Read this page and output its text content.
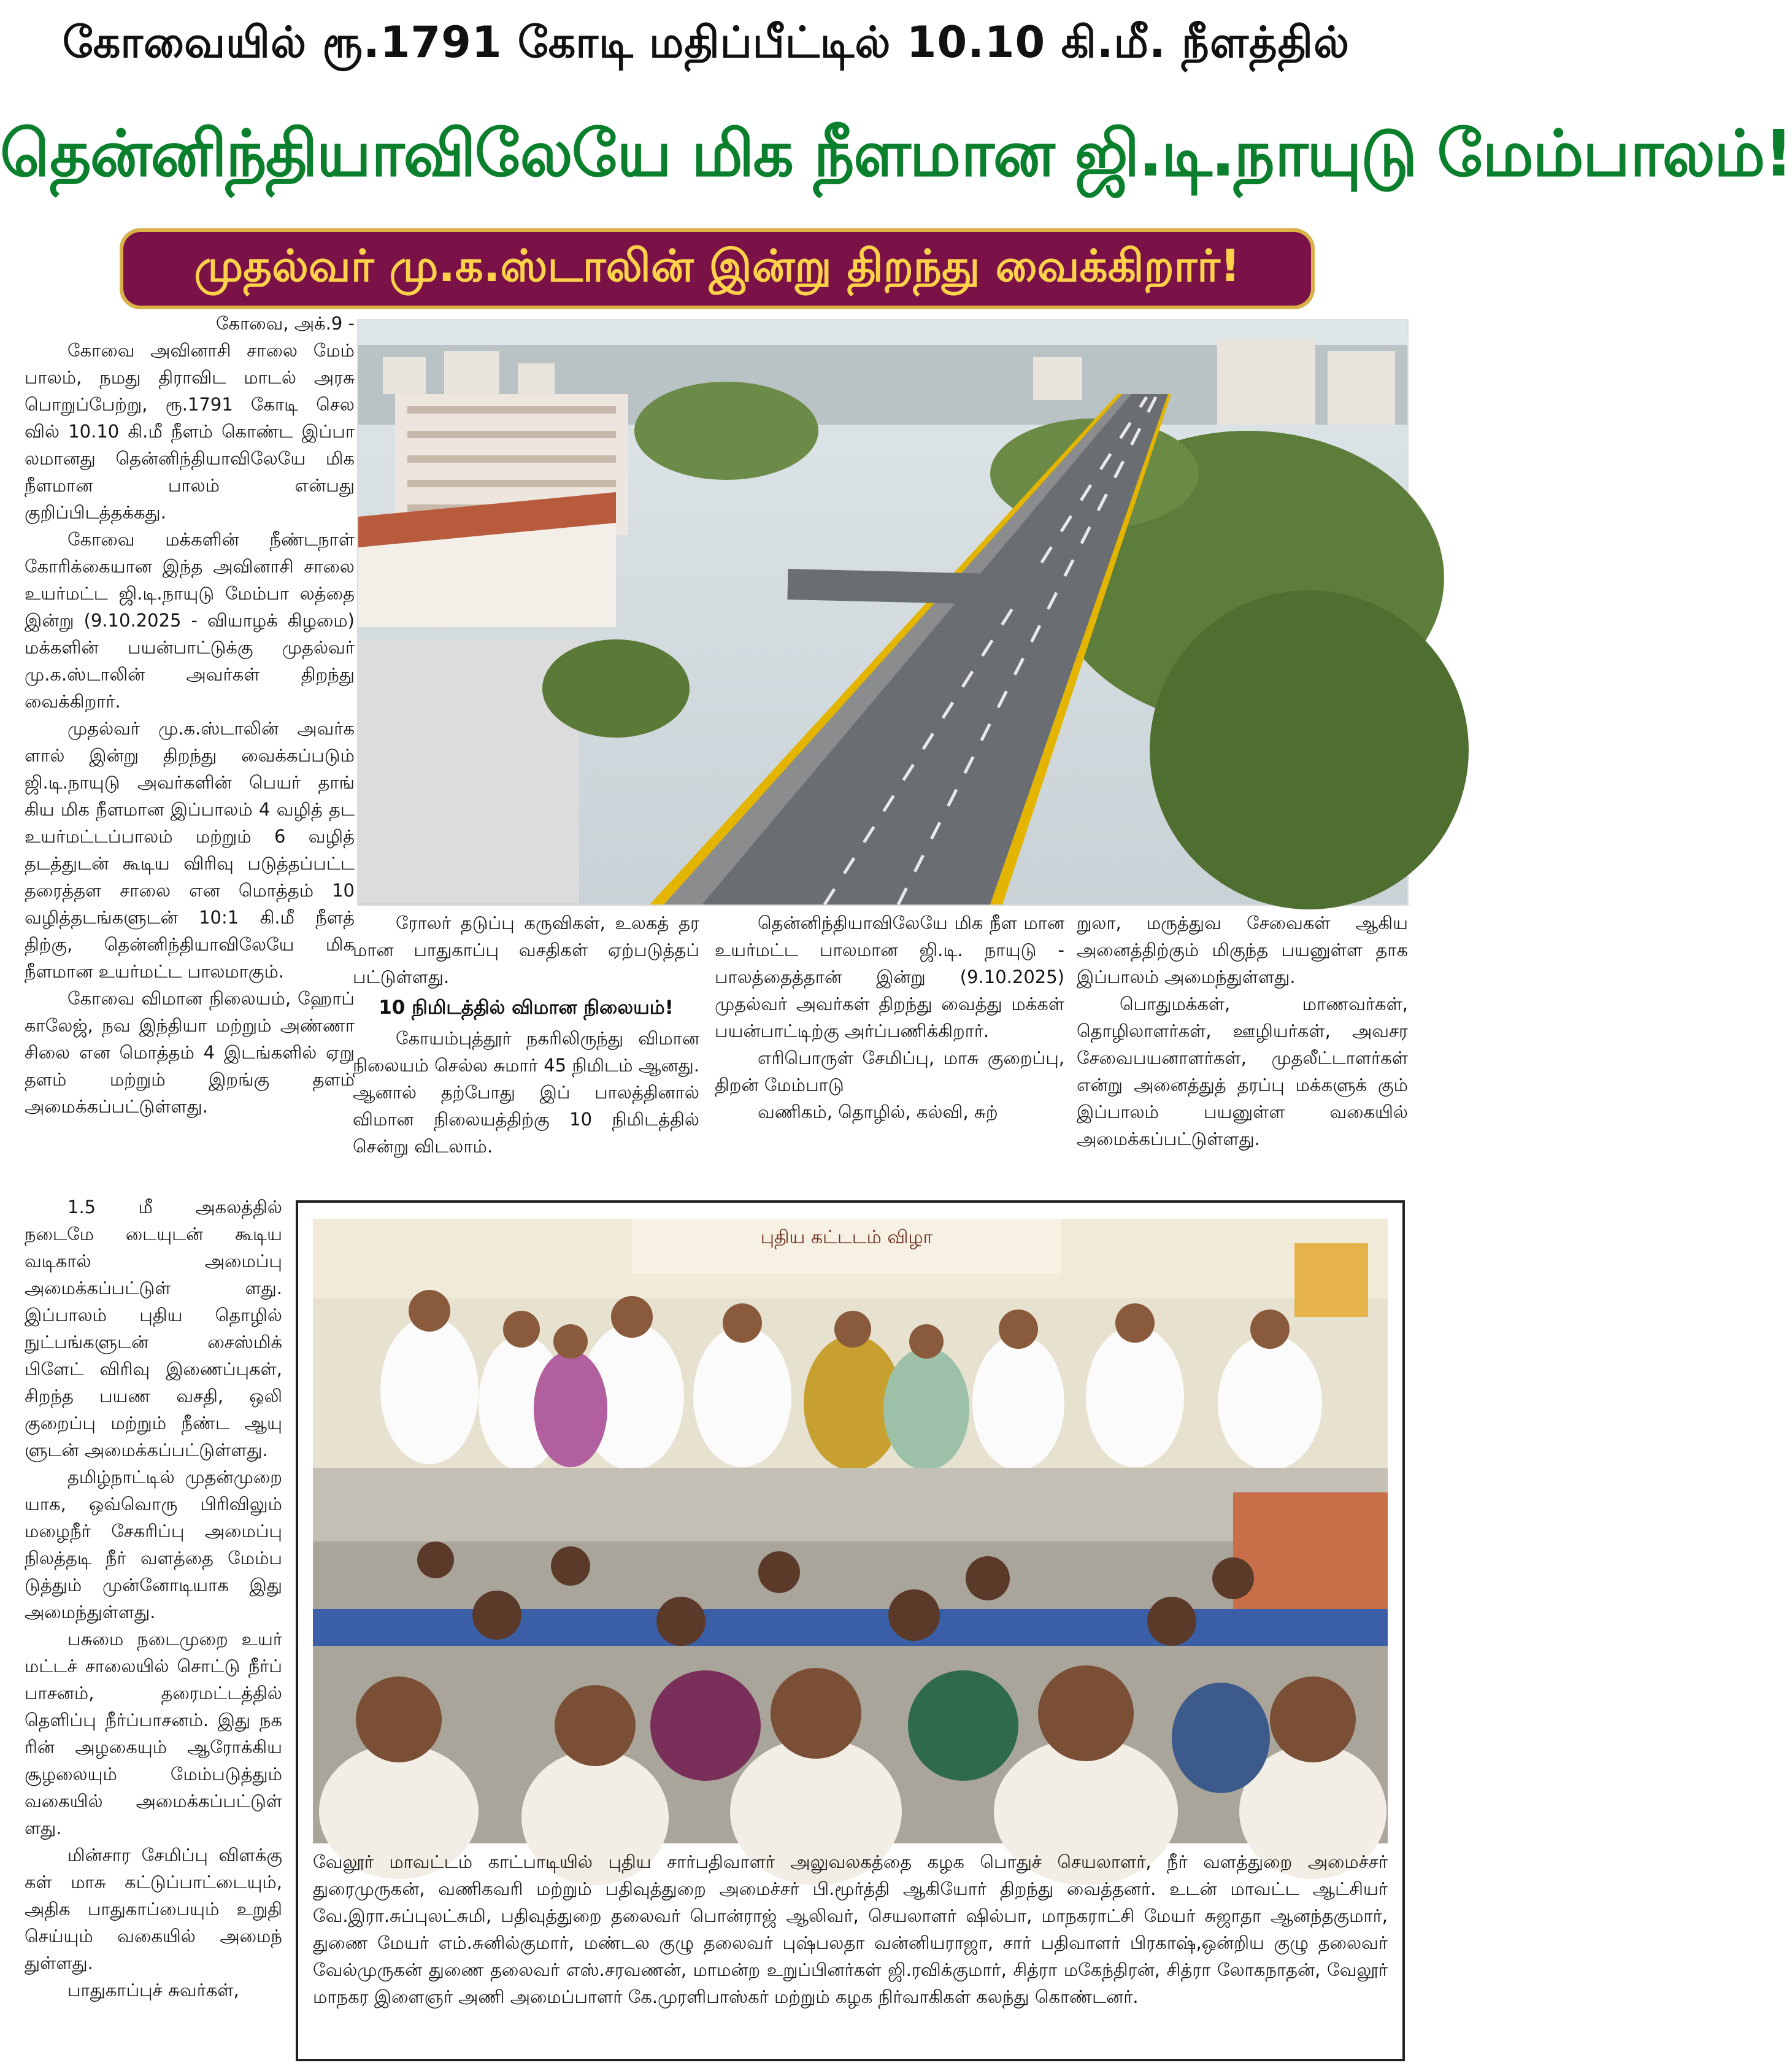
கோவையில் ரூ.1791 கோடி மதிப்பீட்டில் 10.10 கி.மீ. நீளத்தில்
தென்னிந்தியாவிலேயே மிக நீளமான ஜி.டி.நாயுடு மேம்பாலம்!
முதல்வர் மு.க.ஸ்டாலின் இன்று திறந்து வைக்கிறார்!

கோவை, அக்.9 -

கோவை அவினாசி சாலை மேம் பாலம், நமது திராவிட மாடல் அரசு பொறுப்பேற்று, ரூ.1791 கோடி செல வில் 10.10 கி.மீ நீளம் கொண்ட இப்பா லமானது தென்னிந்தியாவிலேயே மிக நீளமான பாலம் என்பது குறிப்பிடத்தக்கது.

கோவை மக்களின் நீண்டநாள் கோரிக்கையான இந்த அவினாசி சாலை உயர்மட்ட ஜி.டி.நாயுடு மேம்பா லத்தை இன்று (9.10.2025 - வியாழக் கிழமை) மக்களின் பயன்பாட்டுக்கு முதல்வர் மு.க.ஸ்டாலின் அவர்கள் திறந்து வைக்கிறார்.

முதல்வர் மு.க.ஸ்டாலின் அவர்க ளால் இன்று திறந்து வைக்கப்படும் ஜி.டி.நாயுடு அவர்களின் பெயர் தாங் கிய மிக நீளமான இப்பாலம் 4 வழித் தட உயர்மட்டப்பாலம் மற்றும் 6 வழித் தடத்துடன் கூடிய விரிவு படுத்தப்பட்ட தரைத்தள சாலை என மொத்தம் 10 வழித்தடங்களுடன் 10:1 கி.மீ நீளத் திற்கு, தென்னிந்தியாவிலேயே மிக நீளமான உயர்மட்ட பாலமாகும்.

கோவை விமான நிலையம், ஹோப் காலேஜ், நவ இந்தியா மற்றும் அண்ணா சிலை என மொத்தம் 4 இடங்களில் ஏறு தளம் மற்றும் இறங்கு தளம் அமைக்கப்பட்டுள்ளது.

1.5 மீ அகலத்தில் நடைமே டையுடன் கூடிய வடிகால் அமைப்பு அமைக்கப்பட்டுள் ளது. இப்பாலம் புதிய தொழில் நுட்பங்களுடன் சைஸ்மிக் பிளேட் விரிவு இணைப்புகள், சிறந்த பயண வசதி, ஒலி குறைப்பு மற்றும் நீண்ட ஆயு ளுடன் அமைக்கப்பட்டுள்ளது.

தமிழ்நாட்டில் முதன்முறை யாக, ஒவ்வொரு பிரிவிலும் மழைநீர் சேகரிப்பு அமைப்பு நிலத்தடி நீர் வளத்தை மேம்ப டுத்தும் முன்னோடியாக இது அமைந்துள்ளது.

பசுமை நடைமுறை உயர் மட்டச் சாலையில் சொட்டு நீர்ப் பாசனம், தரைமட்டத்தில் தெளிப்பு நீர்ப்பாசனம். இது நக ரின் அழகையும் ஆரோக்கிய சூழலையும் மேம்படுத்தும் வகையில் அமைக்கப்பட்டுள் ளது.

மின்சார சேமிப்பு விளக்கு கள் மாசு கட்டுப்பாட்டையும், அதிக பாதுகாப்பையும் உறுதி செய்யும் வகையில் அமைந் துள்ளது.

பாதுகாப்புச் சுவர்கள்,

ரோலர் தடுப்பு கருவிகள், உலகத் தர மான பாதுகாப்பு வசதிகள் ஏற்படுத்தப் பட்டுள்ளது.

10 நிமிடத்தில் விமான நிலையம்!

கோயம்புத்தூர் நகரிலிருந்து விமான நிலையம் செல்ல சுமார் 45 நிமிடம் ஆனது. ஆனால் தற்போது இப் பாலத்தினால் விமான நிலையத்திற்கு 10 நிமிடத்தில் சென்று விடலாம்.

தென்னிந்தியாவிலேயே மிக நீள மான உயர்மட்ட பாலமான ஜி.டி. நாயுடு - பாலத்தைத்தான் இன்று (9.10.2025) முதல்வர் அவர்கள் திறந்து வைத்து மக்கள் பயன்பாட்டிற்கு அர்ப்பணிக்கிறார்.

எரிபொருள் சேமிப்பு, மாசு குறைப்பு, திறன் மேம்பாடு

வணிகம், தொழில், கல்வி, சுற்

றுலா, மருத்துவ சேவைகள் ஆகிய அனைத்திற்கும் மிகுந்த பயனுள்ள தாக இப்பாலம் அமைந்துள்ளது.

பொதுமக்கள், மாணவர்கள், தொழிலாளர்கள், ஊழியர்கள், அவசர சேவைபயனாளர்கள், முதலீட்டாளர்கள் என்று அனைத்துத் தரப்பு மக்களுக் கும் இப்பாலம் பயனுள்ள வகையில் அமைக்கப்பட்டுள்ளது.

புதிய கட்டடம் விழா
வேலூர் மாவட்டம் காட்பாடியில் புதிய சார்பதிவாளர் அலுவலகத்தை கழக பொதுச் செயலாளர், நீர் வளத்துறை அமைச்சர் துரைமுருகன், வணிகவரி மற்றும் பதிவுத்துறை அமைச்சர் பி.மூர்த்தி ஆகியோர் திறந்து வைத்தனர். உடன் மாவட்ட ஆட்சியர் வே.இரா.சுப்புலட்சுமி, பதிவுத்துறை தலைவர் பொன்ராஜ் ஆலிவர், செயலாளர் ஷில்பா, மாநகராட்சி மேயர் சுஜாதா ஆனந்தகுமார், துணை மேயர் எம்.சுனில்குமார், மண்டல குழு தலைவர் புஷ்பலதா வன்னியராஜா, சார் பதிவாளர் பிரகாஷ்,ஒன்றிய குழு தலைவர் வேல்முருகன் துணை தலைவர் எஸ்.சரவணன், மாமன்ற உறுப்பினர்கள் ஜி.ரவிக்குமார், சித்ரா மகேந்திரன், சித்ரா லோகநாதன், வேலூர் மாநகர இளைஞர் அணி அமைப்பாளர் கே.முரளிபாஸ்கர் மற்றும் கழக நிர்வாகிகள் கலந்து கொண்டனர்.
